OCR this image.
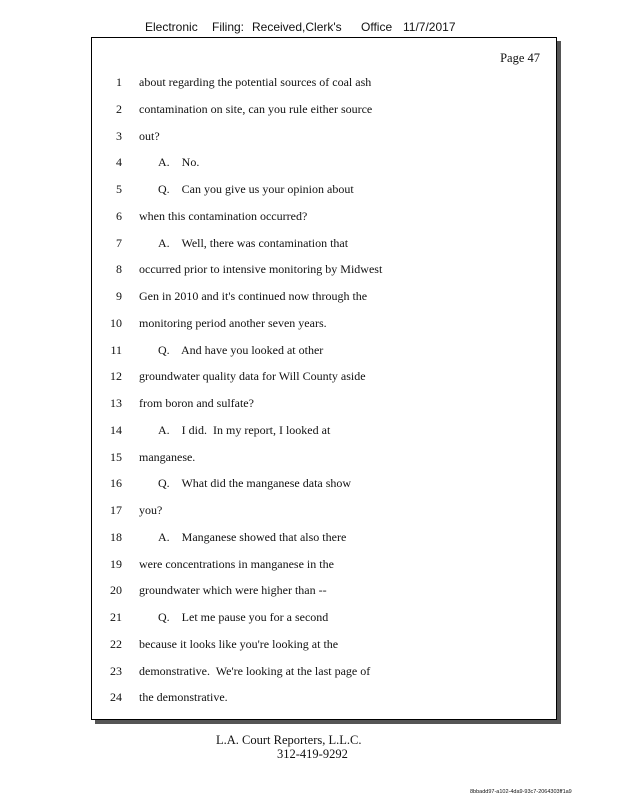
Electronic Filing: Received,Clerk's Office 11/7/2017
Page 47
1 about regarding the potential sources of coal ash
2 contamination on site, can you rule either source
3 out?
4	A.    No.
5	Q.    Can you give us your opinion about
6 when this contamination occurred?
7	A.    Well, there was contamination that
8 occurred prior to intensive monitoring by Midwest
9 Gen in 2010 and it's continued now through the
10 monitoring period another seven years.
11	Q.    And have you looked at other
12 groundwater quality data for Will County aside
13 from boron and sulfate?
14	A.    I did.  In my report, I looked at
15 manganese.
16	Q.    What did the manganese data show
17 you?
18	A.    Manganese showed that also there
19 were concentrations in manganese in the
20 groundwater which were higher than --
21	Q.    Let me pause you for a second
22 because it looks like you're looking at the
23 demonstrative.  We're looking at the last page of
24 the demonstrative.
L.A. Court Reporters, L.L.C.
312-419-9292
8bbadd97-a102-4da9-93c7-2064303ff1a9
